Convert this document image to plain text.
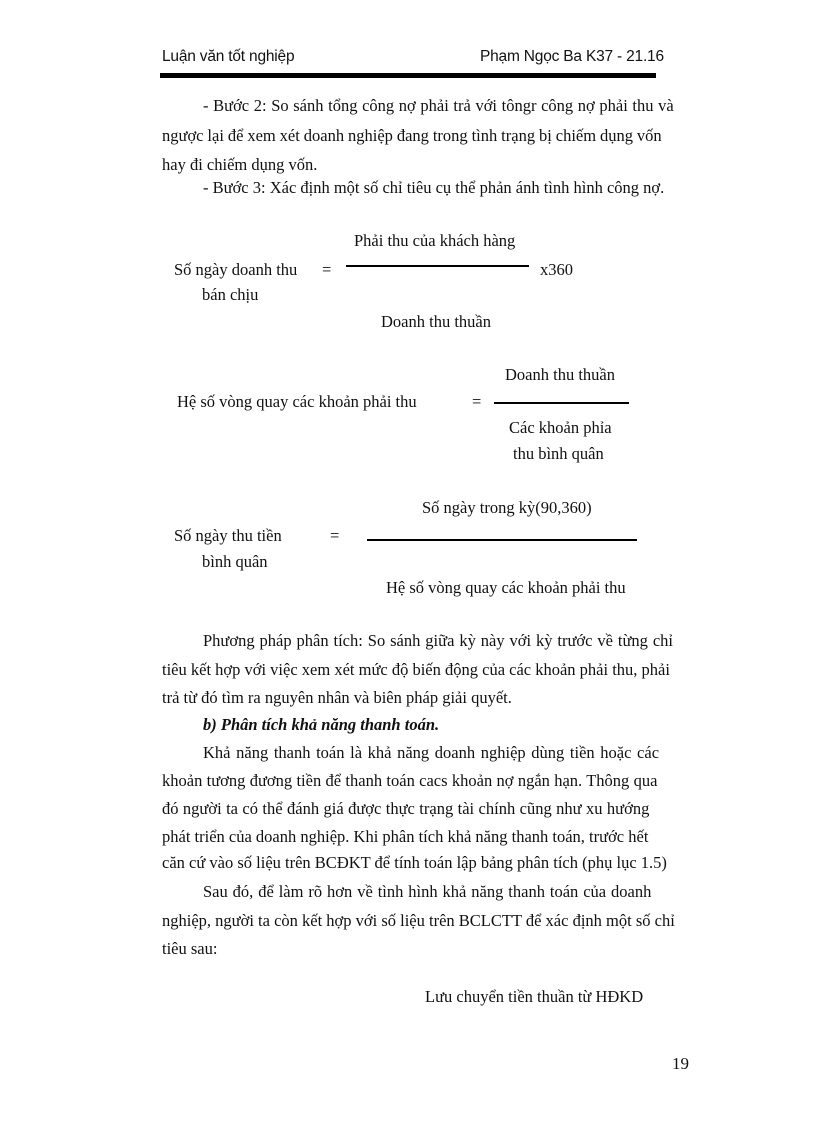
Luận văn tốt nghiệp	Phạm Ngọc Ba K37 - 21.16
- Bước 2: So sánh tổng công nợ phải trả với tôngr công nợ phải thu và
ngược lại để xem xét doanh nghiệp đang trong tình trạng bị chiếm dụng vốn
hay đi chiếm dụng vốn.
- Bước 3: Xác định một số chỉ tiêu cụ thể phản ánh tình hình công nợ.
Phải thu của khách hàng
Số ngày doanh thu
bán chịu
=	x360
Doanh thu thuần
Doanh thu thuần
Hệ số vòng quay các khoản phải thu	=
Các khoản phỉa
thu bình quân
Số ngày trong kỳ(90,360)
Số ngày thu tiền
bình quân
=
Hệ số vòng quay các khoản phải thu
Phương pháp phân tích: So sánh giữa kỳ này với kỳ trước về từng chỉ
tiêu kết hợp với việc xem xét mức độ biến động của các khoản phải thu, phải
trả từ đó tìm ra nguyên nhân và biên pháp giải quyết.
b) Phân tích khả năng thanh toán.
Khả năng thanh toán là khả năng doanh nghiệp dùng tiền hoặc các
khoản tương đương tiền để thanh toán cacs khoản nợ ngắn hạn. Thông qua
đó người ta có thể đánh giá được thực trạng tài chính cũng như xu hướng
phát triển của doanh nghiệp. Khi phân tích khả năng thanh toán, trước hết
căn cứ vào số liệu trên BCĐKT để tính toán lập bảng phân tích (phụ lục 1.5)
Sau đó, để làm rõ hơn về tình hình khả năng thanh toán của doanh
nghiệp, người ta còn kết hợp với số liệu trên BCLCTT để xác định một số chỉ
tiêu sau:
Lưu chuyển tiền thuần từ HĐKD
19
